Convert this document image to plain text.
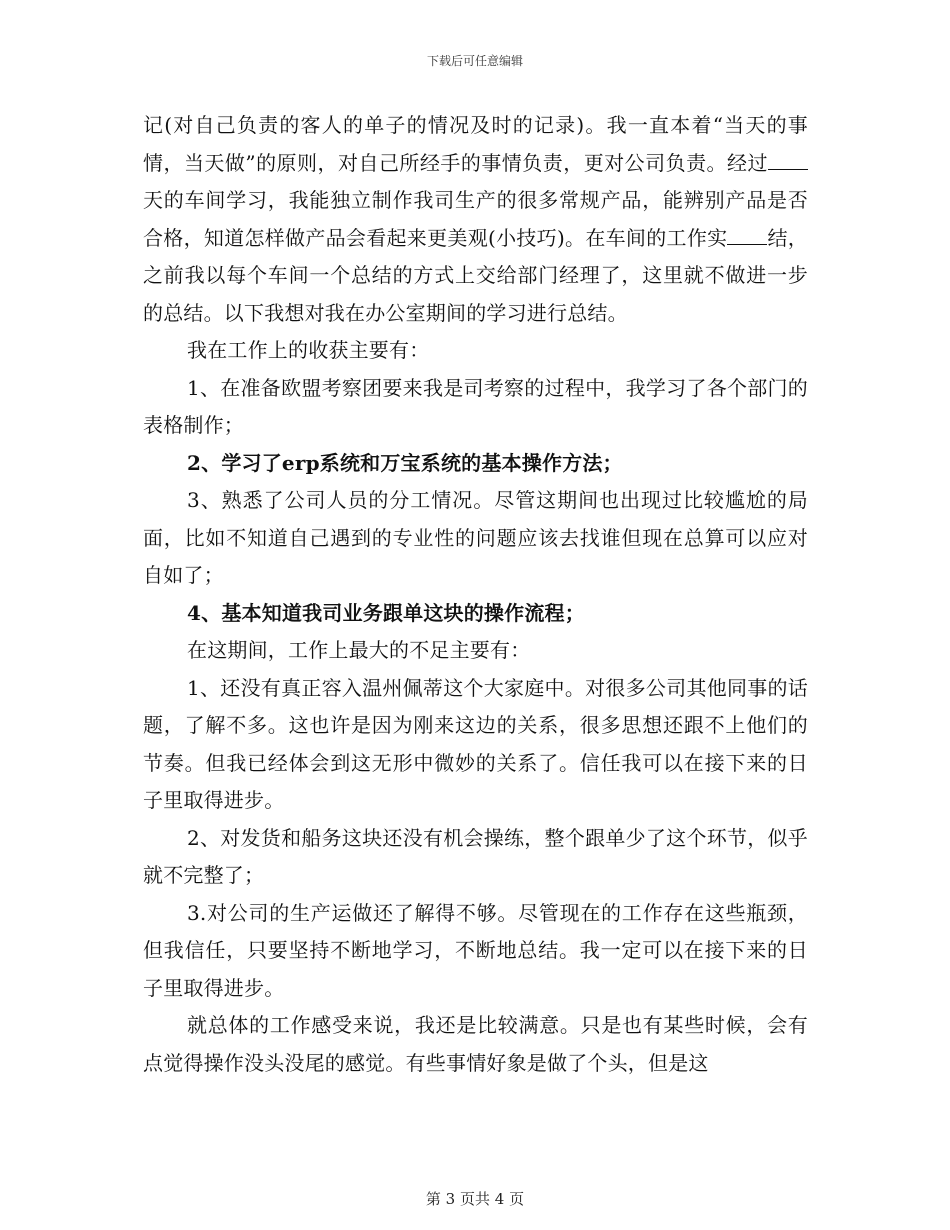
下载后可任意编辑

记(对自己负责的客人的单子的情况及时的记录)。我一直本着“当天的事情，当天做”的原则，对自己所经手的事情负责，更对公司负责。经过天的车间学习，我能独立制作我司生产的很多常规产品，能辨别产品是否合格，知道怎样做产品会看起来更美观(小技巧)。在车间的工作实 结，之前我以每个车间一个总结的方式上交给部门经理了，这里就不做进一步的总结。以下我想对我在办公室期间的学习进行总结。

我在工作上的收获主要有：

1、在准备欧盟考察团要来我是司考察的过程中，我学习了各个部门的表格制作；

2、学习了erp系统和万宝系统的基本操作方法；

3、熟悉了公司人员的分工情况。尽管这期间也出现过比较尴尬的局面，比如不知道自己遇到的专业性的问题应该去找谁但现在总算可以应对自如了；

4、基本知道我司业务跟单这块的操作流程；

在这期间，工作上最大的不足主要有：

1、还没有真正容入温州佩蒂这个大家庭中。对很多公司其他同事的话题，了解不多。这也许是因为刚来这边的关系，很多思想还跟不上他们的节奏。但我已经体会到这无形中微妙的关系了。信任我可以在接下来的日子里取得进步。

2、对发货和船务这块还没有机会操练，整个跟单少了这个环节，似乎就不完整了；

3.对公司的生产运做还了解得不够。尽管现在的工作存在这些瓶颈，但我信任，只要坚持不断地学习，不断地总结。我一定可以在接下来的日子里取得进步。

就总体的工作感受来说，我还是比较满意。只是也有某些时候，会有点觉得操作没头没尾的感觉。有些事情好象是做了个头，但是这

第 3 页共 4 页
